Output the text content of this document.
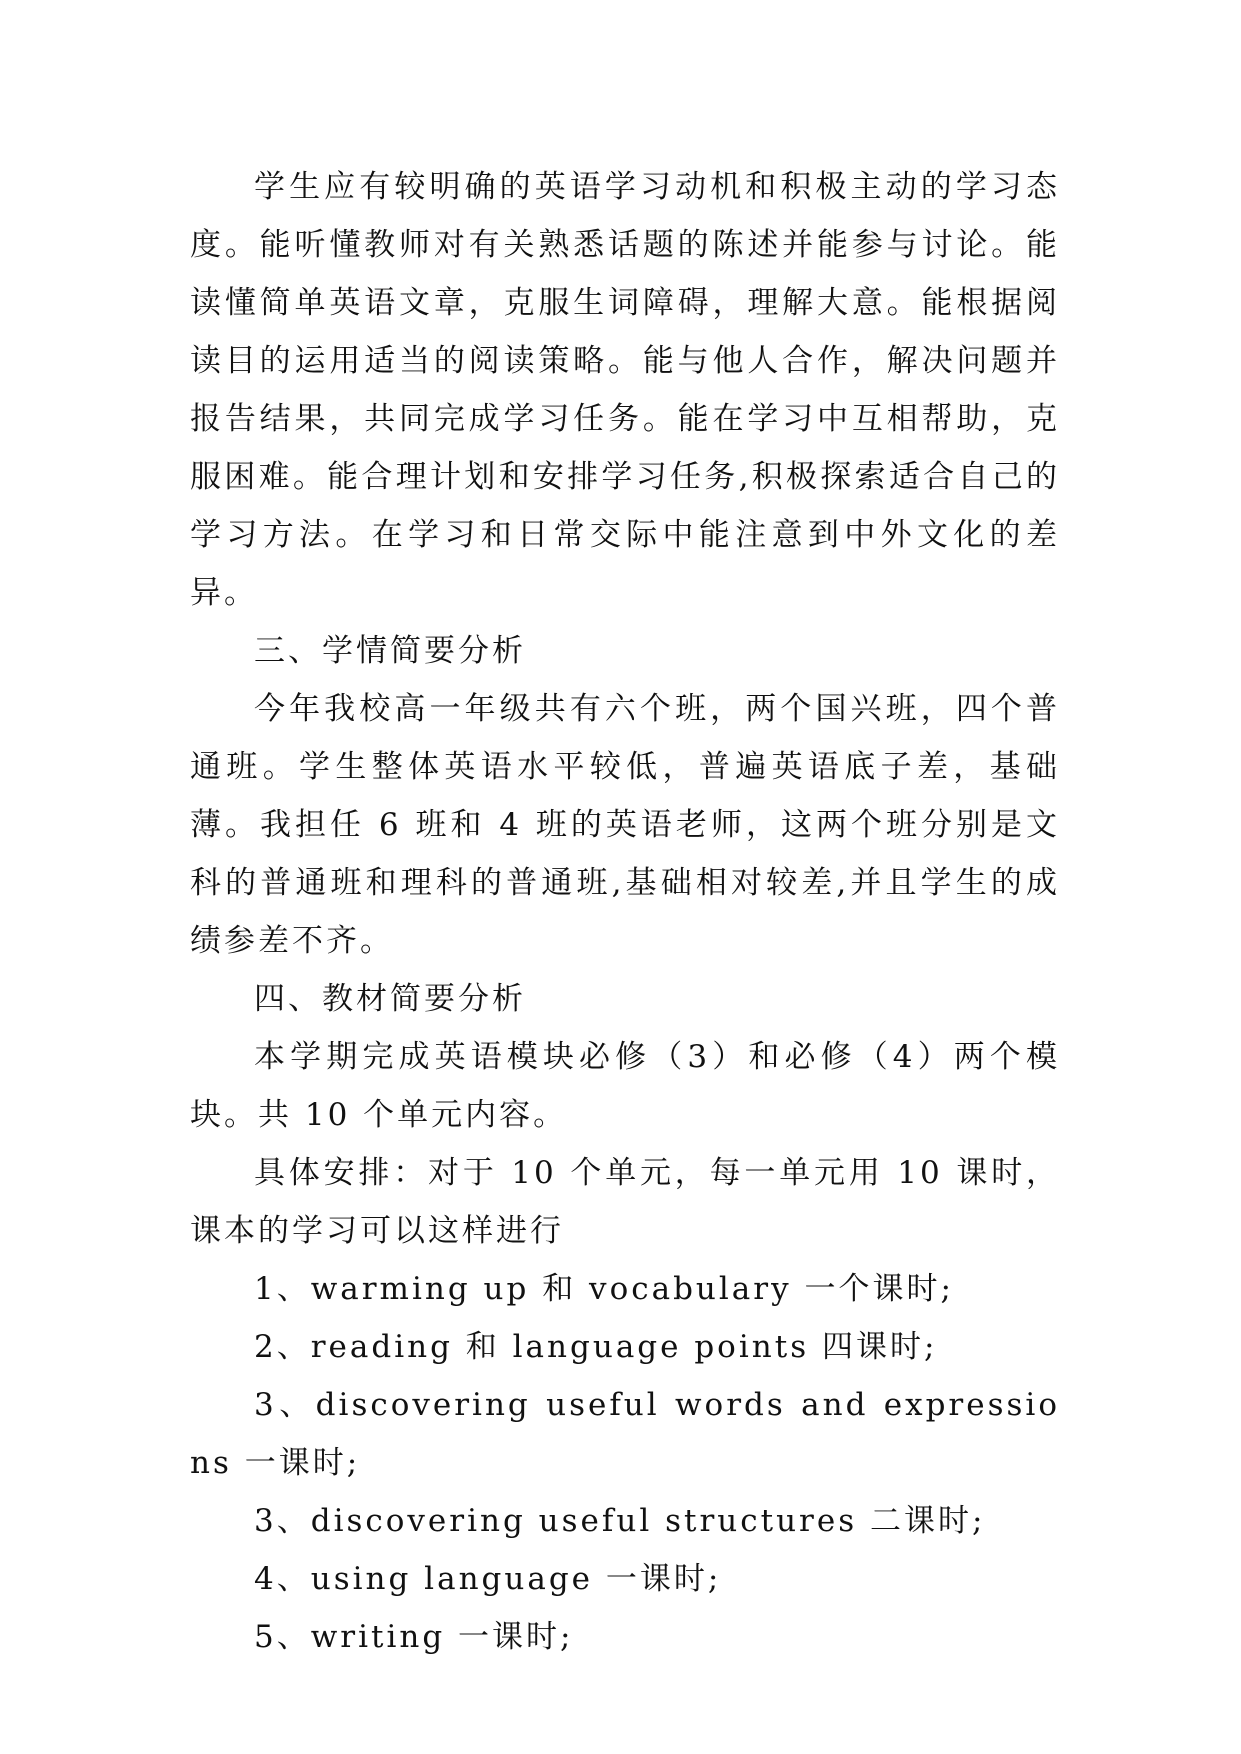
学生应有较明确的英语学习动机和积极主动的学习态度。能听懂教师对有关熟悉话题的陈述并能参与讨论。能读懂简单英语文章，克服生词障碍，理解大意。能根据阅读目的运用适当的阅读策略。能与他人合作，解决问题并报告结果，共同完成学习任务。能在学习中互相帮助，克服困难。能合理计划和安排学习任务,积极探索适合自己的学习方法。在学习和日常交际中能注意到中外文化的差异。

三、学情简要分析

今年我校高一年级共有六个班，两个国兴班，四个普通班。学生整体英语水平较低，普遍英语底子差，基础薄。我担任 6 班和 4 班的英语老师，这两个班分别是文科的普通班和理科的普通班,基础相对较差,并且学生的成绩参差不齐。

四、教材简要分析

本学期完成英语模块必修（3）和必修（4）两个模块。共 10 个单元内容。

具体安排：对于 10 个单元，每一单元用 10 课时，课本的学习可以这样进行

1、warming up 和 vocabulary 一个课时;

2、reading 和 language points 四课时;

3、discovering useful words and expressions 一课时;

3、discovering useful structures 二课时;

4、using language 一课时;

5、writing 一课时;
